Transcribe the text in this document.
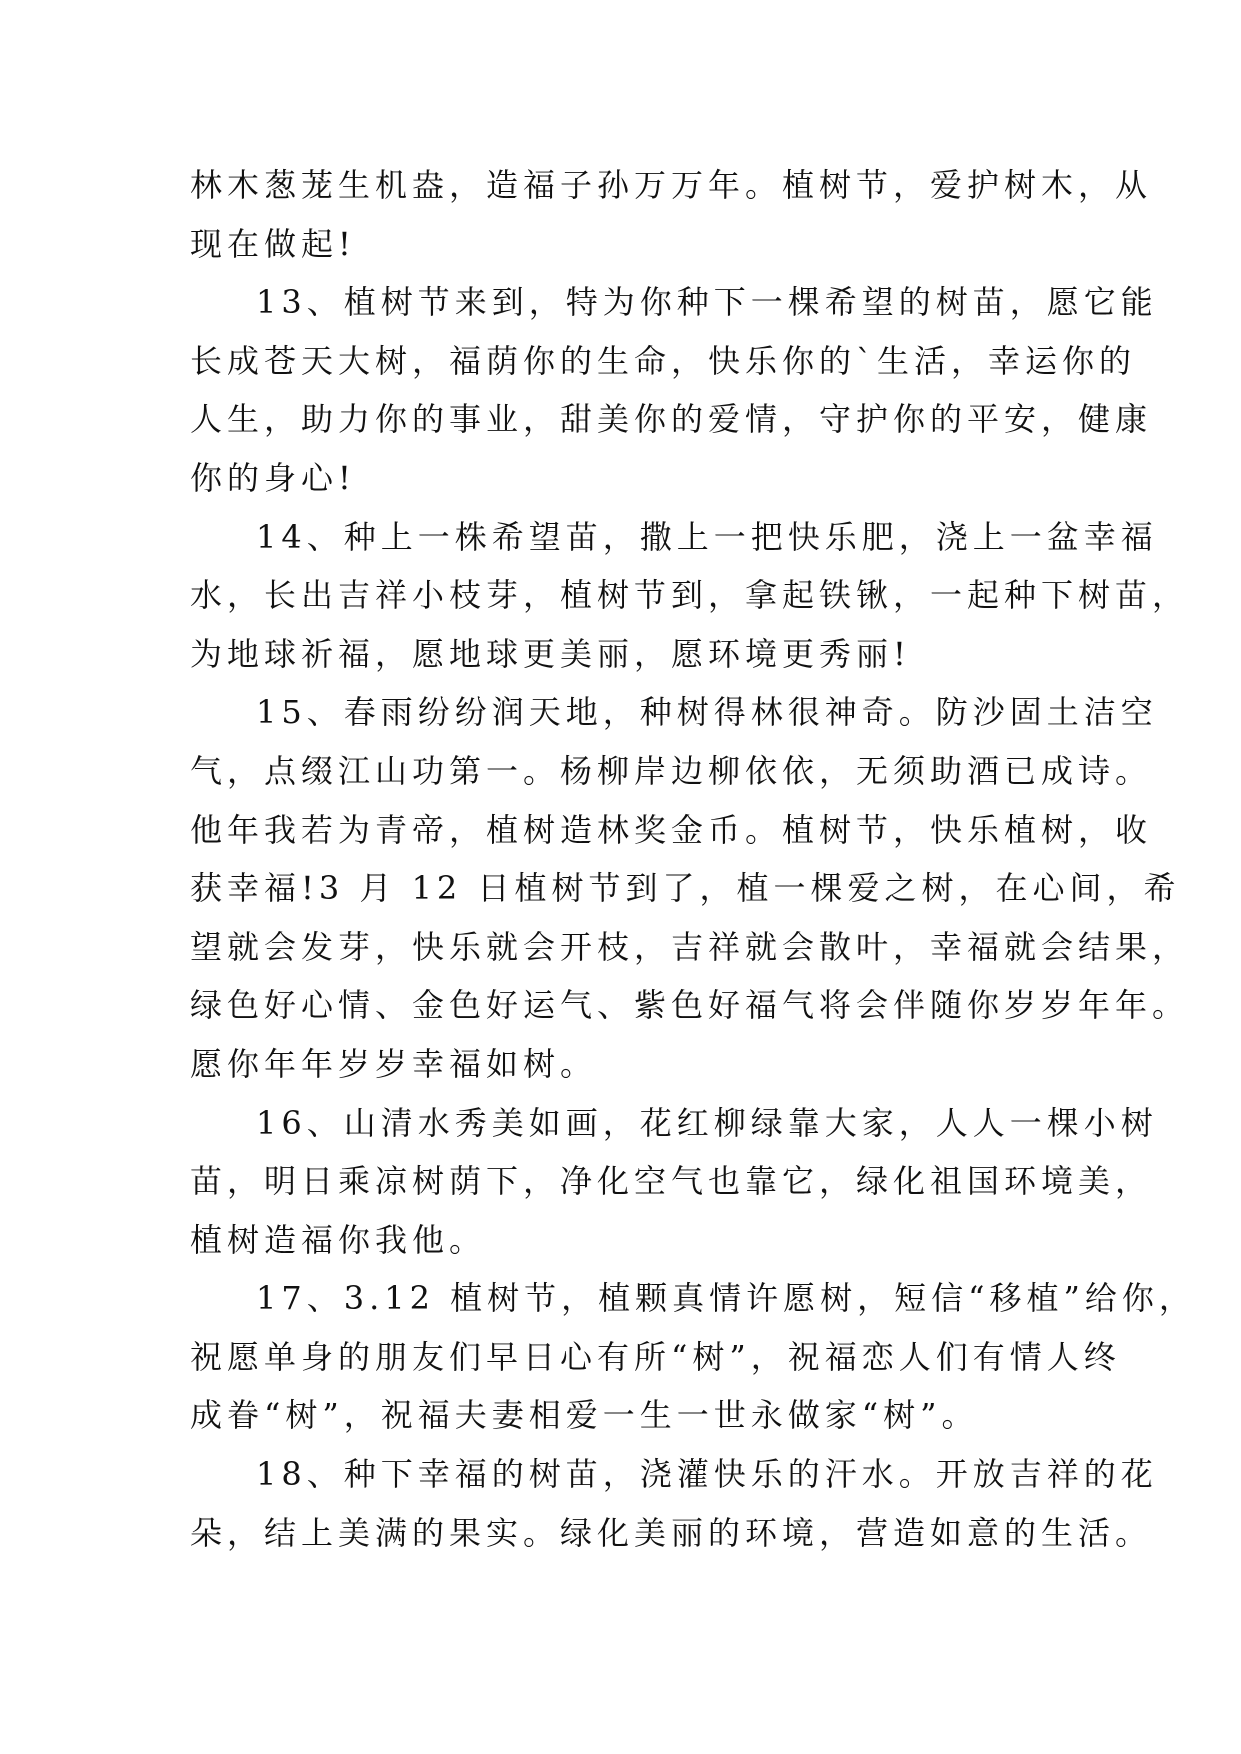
林木葱茏生机盎，造福子孙万万年。植树节，爱护树木，从
现在做起!
13、植树节来到，特为你种下一棵希望的树苗，愿它能
长成苍天大树，福荫你的生命，快乐你的`生活，幸运你的
人生，助力你的事业，甜美你的爱情，守护你的平安，健康
你的身心!
14、种上一株希望苗，撒上一把快乐肥，浇上一盆幸福
水，长出吉祥小枝芽，植树节到，拿起铁锹，一起种下树苗，
为地球祈福，愿地球更美丽，愿环境更秀丽!
15、春雨纷纷润天地，种树得林很神奇。防沙固土洁空
气，点缀江山功第一。杨柳岸边柳依依，无须助酒已成诗。
他年我若为青帝，植树造林奖金币。植树节，快乐植树，收
获幸福!3 月 12 日植树节到了，植一棵爱之树，在心间，希
望就会发芽，快乐就会开枝，吉祥就会散叶，幸福就会结果，
绿色好心情、金色好运气、紫色好福气将会伴随你岁岁年年。
愿你年年岁岁幸福如树。
16、山清水秀美如画，花红柳绿靠大家，人人一棵小树
苗，明日乘凉树荫下，净化空气也靠它，绿化祖国环境美，
植树造福你我他。
17、3.12 植树节，植颗真情许愿树，短信“移植”给你，
祝愿单身的朋友们早日心有所“树”，祝福恋人们有情人终
成眷“树”，祝福夫妻相爱一生一世永做家“树”。
18、种下幸福的树苗，浇灌快乐的汗水。开放吉祥的花
朵，结上美满的果实。绿化美丽的环境，营造如意的生活。
